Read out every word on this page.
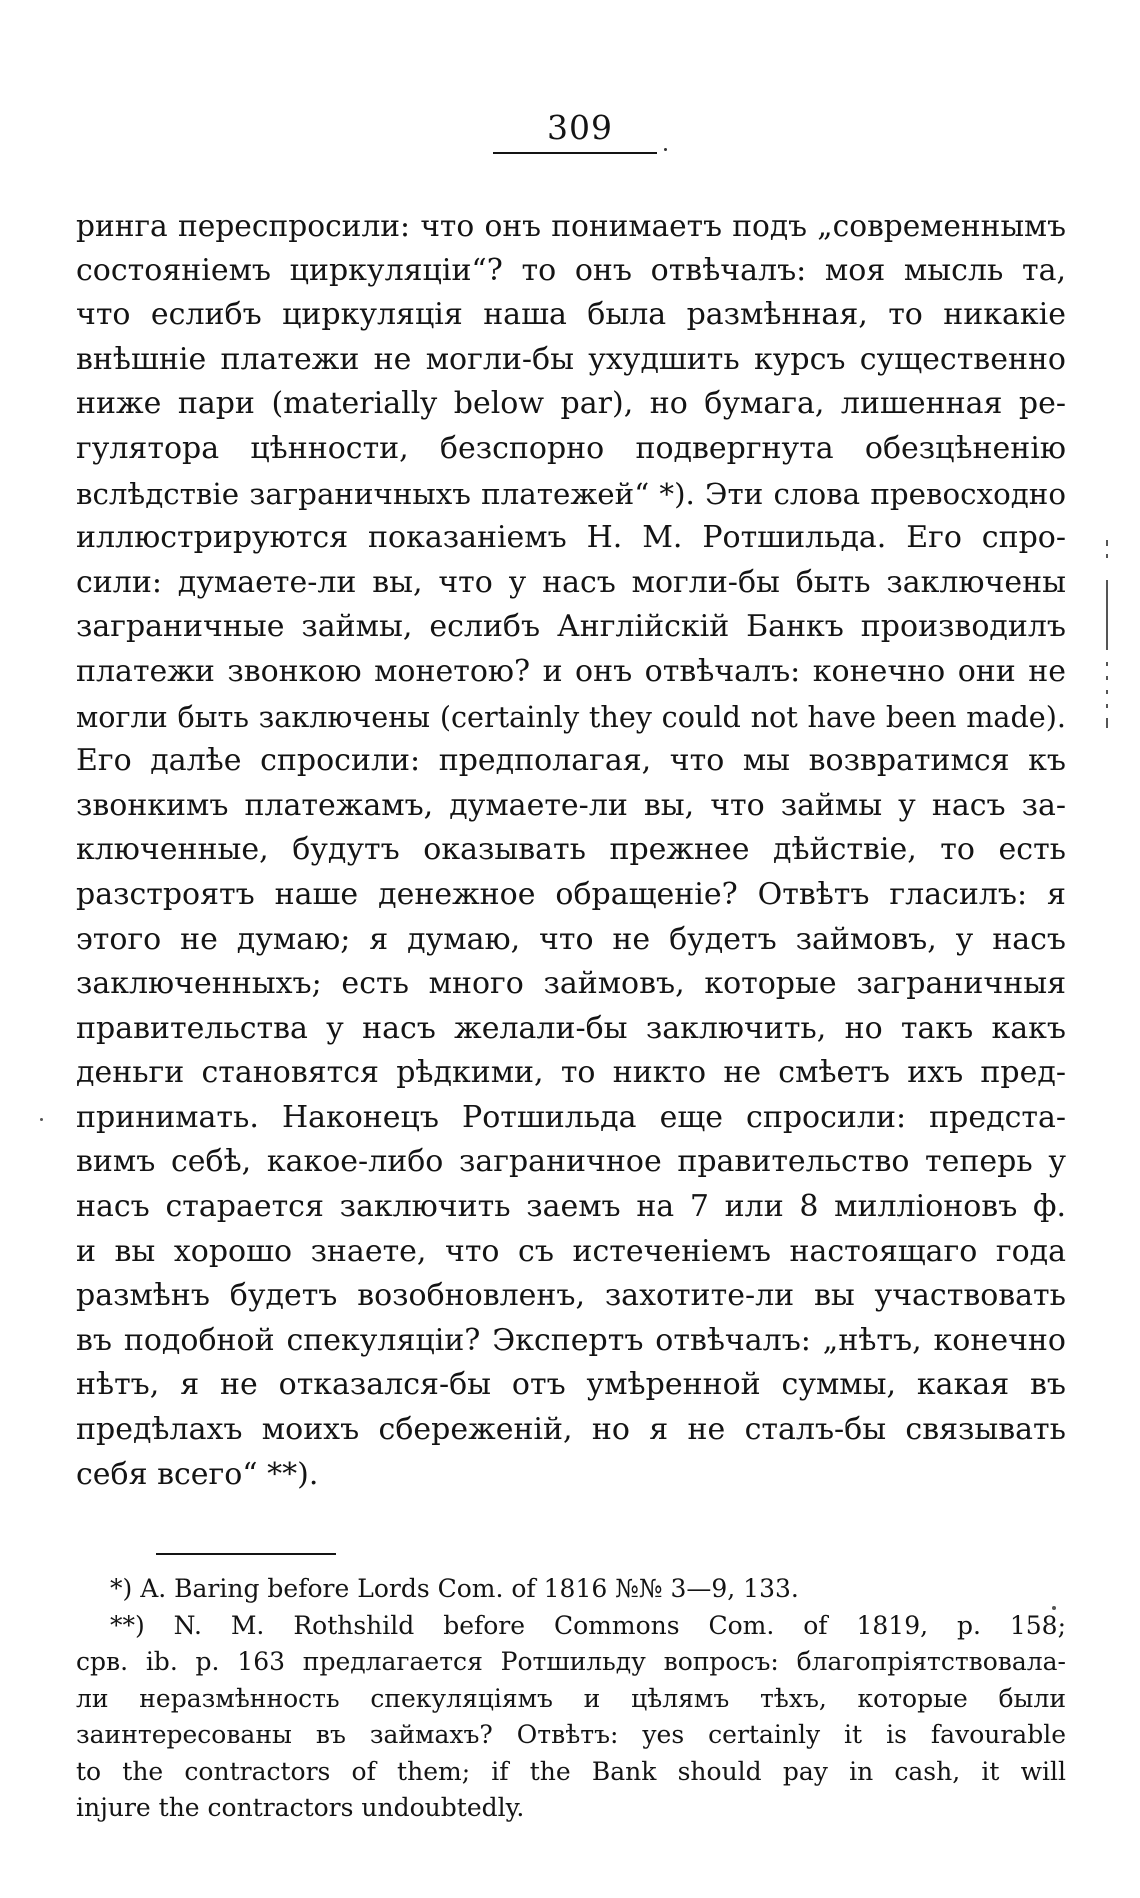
309
ринга переспросили: что онъ понимаетъ подъ „современнымъ
состояніемъ циркуляціи“? то онъ отвѣчалъ: моя мысль та,
что еслибъ циркуляція наша была размѣнная, то никакіе
внѣшніе платежи не могли-бы ухудшить курсъ существенно
ниже пари (materially below par), но бумага, лишенная ре-
гулятора цѣнности, безспорно подвергнута обезцѣненію
вслѣдствіе заграничныхъ платежей“ *). Эти слова превосходно
иллюстрируются показаніемъ Н. М. Ротшильда. Его спро-
сили: думаете-ли вы, что у насъ могли-бы быть заключены
заграничные займы, еслибъ Англійскій Банкъ производилъ
платежи звонкою монетою? и онъ отвѣчалъ: конечно они не
могли быть заключены (certainly they could not have been made).
Его далѣе спросили: предполагая, что мы возвратимся къ
звонкимъ платежамъ, думаете-ли вы, что займы у насъ за-
ключенные, будутъ оказывать прежнее дѣйствіе, то есть
разстроятъ наше денежное обращеніе? Отвѣтъ гласилъ: я
этого не думаю; я думаю, что не будетъ займовъ, у насъ
заключенныхъ; есть много займовъ, которые заграничныя
правительства у насъ желали-бы заключить, но такъ какъ
деньги становятся рѣдкими, то никто не смѣетъ ихъ пред-
принимать. Наконецъ Ротшильда еще спросили: предста-
вимъ себѣ, какое-либо заграничное правительство теперь у
насъ старается заключить заемъ на 7 или 8 милліоновъ ф.
и вы хорошо знаете, что съ истеченіемъ настоящаго года
размѣнъ будетъ возобновленъ, захотите-ли вы участвовать
въ подобной спекуляціи? Экспертъ отвѣчалъ: „нѣтъ, конечно
нѣтъ, я не отказался-бы отъ умѣренной суммы, какая въ
предѣлахъ моихъ сбереженій, но я не сталъ-бы связывать
себя всего“ **).
*) A. Baring before Lords Com. of 1816 №№ 3—9, 133.
**) N. M. Rothshild before Commons Com. of 1819, p. 158;
срв. ib. p. 163 предлагается Ротшильду вопросъ: благопріятствовала-
ли неразмѣнность спекуляціямъ и цѣлямъ тѣхъ, которые были
заинтересованы въ займахъ? Отвѣтъ: yes certainly it is favourable
to the contractors of them; if the Bank should pay in cash, it will
injure the contractors undoubtedly.
